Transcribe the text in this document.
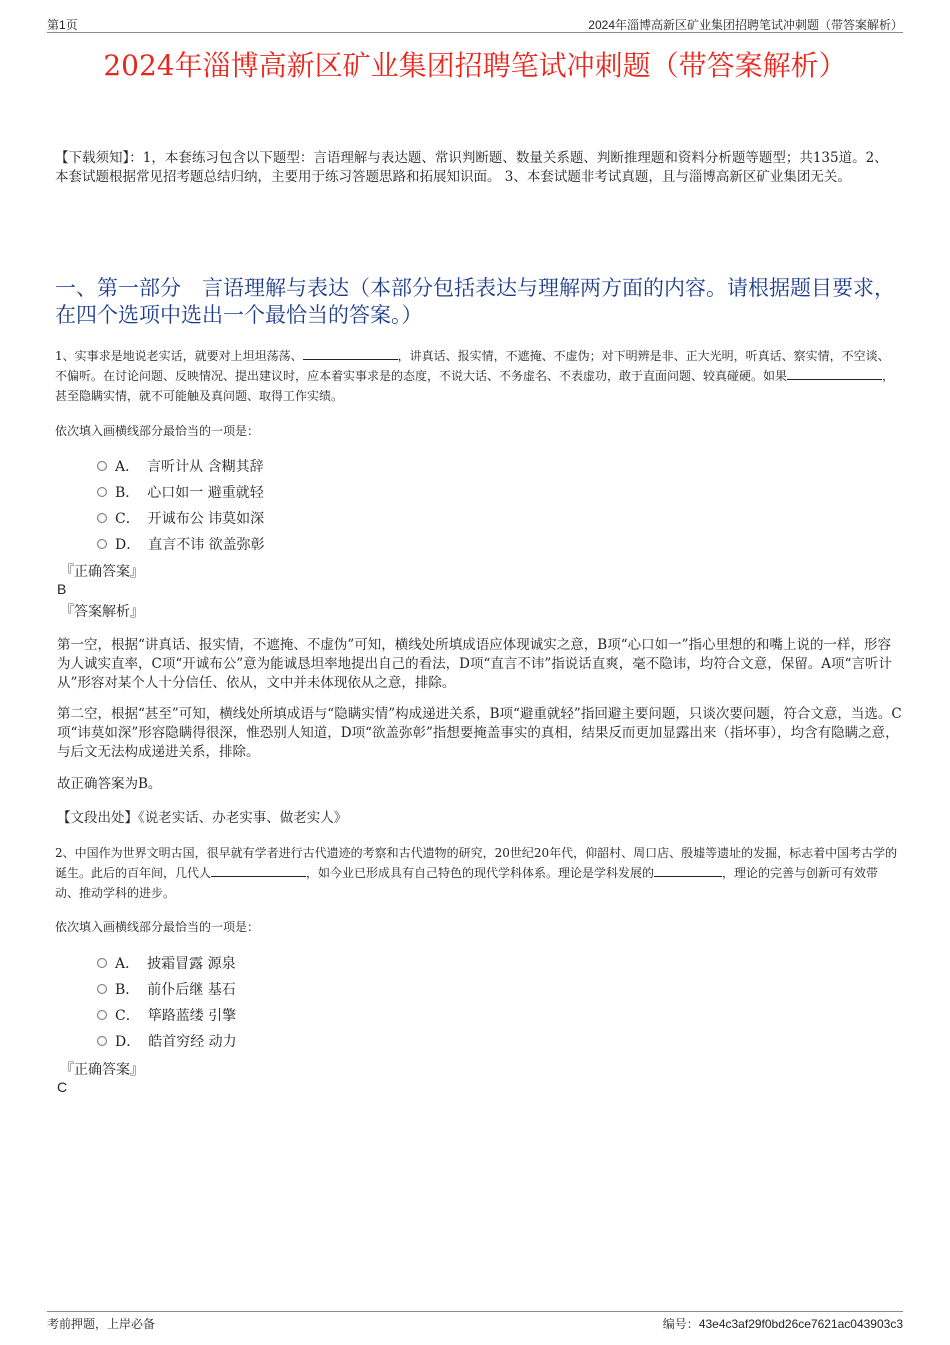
第1页	2024年淄博高新区矿业集团招聘笔试冲刺题（带答案解析）
2024年淄博高新区矿业集团招聘笔试冲刺题（带答案解析）
【下载须知】：1，本套练习包含以下题型：言语理解与表达题、常识判断题、数量关系题、判断推理题和资料分析题等题型；共135道。2、本套试题根据常见招考题总结归纳，主要用于练习答题思路和拓展知识面。 3、本套试题非考试真题，且与淄博高新区矿业集团无关。
一、第一部分　言语理解与表达（本部分包括表达与理解两方面的内容。请根据题目要求，在四个选项中选出一个最恰当的答案。）
1、实事求是地说老实话，就要对上坦坦荡荡、	，讲真话、报实情，不遮掩、不虚伪；对下明辨是非、正大光明，听真话、察实情，不空谈、不偏听。在讨论问题、反映情况、提出建议时，应本着实事求是的态度，不说大话、不务虚名、不表虚功，敢于直面问题、较真碰硬。如果	，甚至隐瞒实情，就不可能触及真问题、取得工作实绩。
依次填入画横线部分最恰当的一项是：
A． 言听计从 含糊其辞
B． 心口如一 避重就轻
C． 开诚布公 讳莫如深
D． 直言不讳 欲盖弥彰
『正确答案』
B
『答案解析』
第一空，根据“讲真话、报实情，不遮掩、不虚伪”可知，横线处所填成语应体现诚实之意，B项“心口如一”指心里想的和嘴上说的一样，形容为人诚实直率，C项“开诚布公”意为能诚恳坦率地提出自己的看法，D项“直言不讳”指说话直爽，毫不隐讳，均符合文意，保留。A项“言听计从”形容对某个人十分信任、依从，文中并未体现依从之意，排除。
第二空，根据“甚至”可知，横线处所填成语与“隐瞒实情”构成递进关系，B项“避重就轻”指回避主要问题，只谈次要问题，符合文意，当选。C项“讳莫如深”形容隐瞒得很深，惟恐别人知道，D项“欲盖弥彰”指想要掩盖事实的真相，结果反而更加显露出来（指坏事），均含有隐瞒之意，与后文无法构成递进关系，排除。
故正确答案为B。
【文段出处】《说老实话、办老实事、做老实人》
2、中国作为世界文明古国，很早就有学者进行古代遗迹的考察和古代遗物的研究，20世纪20年代，仰韶村、周口店、殷墟等遗址的发掘，标志着中国考古学的诞生。此后的百年间，几代人	，如今业已形成具有自己特色的现代学科体系。理论是学科发展的	，理论的完善与创新可有效带动、推动学科的进步。
依次填入画横线部分最恰当的一项是：
A． 披霜冒露 源泉
B． 前仆后继 基石
C． 筚路蓝缕 引擎
D． 皓首穷经 动力
『正确答案』
C
考前押题，上岸必备	编号：43e4c3af29f0bd26ce7621ac043903c3
